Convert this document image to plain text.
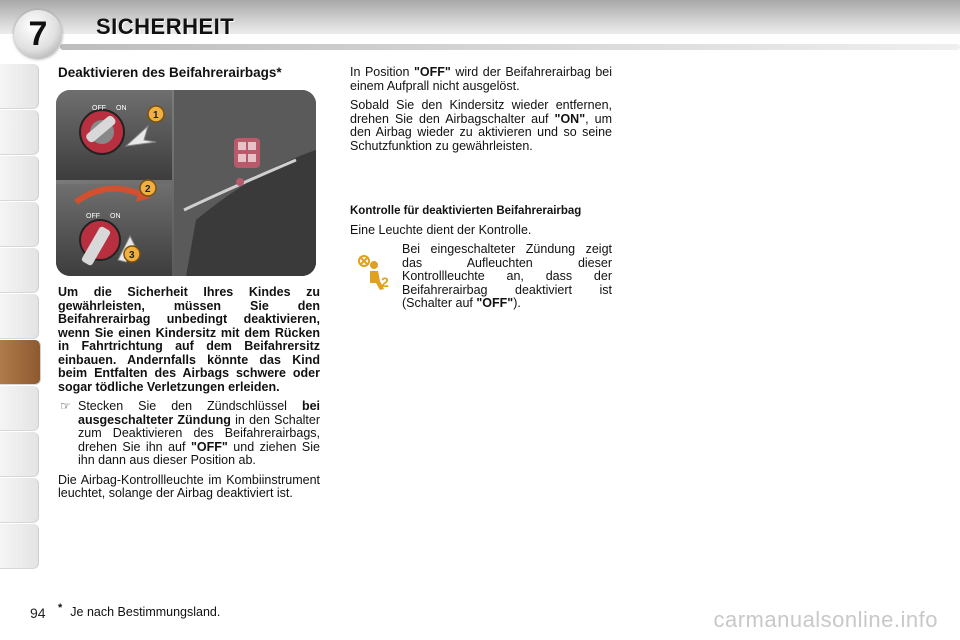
7	SICHERHEIT
Deaktivieren des Beifahrerairbags*
OFF ON
1
2
OFF ON
3

Um die Sicherheit Ihres Kindes zu gewährleisten, müssen Sie den Beifahrerairbag unbedingt deaktivieren, wenn Sie einen Kindersitz mit dem Rücken in Fahrtrichtung auf dem Beifahrersitz einbauen. Andernfalls könnte das Kind beim Entfalten des Airbags schwere oder sogar tödliche Verletzungen erleiden.

☞ Stecken Sie den Zündschlüssel bei ausgeschalteter Zündung in den Schalter zum Deaktivieren des Beifahrerairbags, drehen Sie ihn auf "OFF" und ziehen Sie ihn dann aus dieser Position ab.

Die Airbag-Kontrollleuchte im Kombiinstrument leuchtet, solange der Airbag deaktiviert ist.

In Position "OFF" wird der Beifahrerairbag bei einem Aufprall nicht ausgelöst.

Sobald Sie den Kindersitz wieder entfernen, drehen Sie den Airbagschalter auf "ON", um den Airbag wieder zu aktivieren und so seine Schutzfunktion zu gewährleisten.

Kontrolle für deaktivierten Beifahrerairbag

Eine Leuchte dient der Kontrolle.

2
Bei eingeschalteter Zündung zeigt das Aufleuchten dieser Kontrollleuchte an, dass der Beifahrerairbag deaktiviert ist (Schalter auf "OFF").
94 * Je nach Bestimmungsland.	carmanualsonline.info
